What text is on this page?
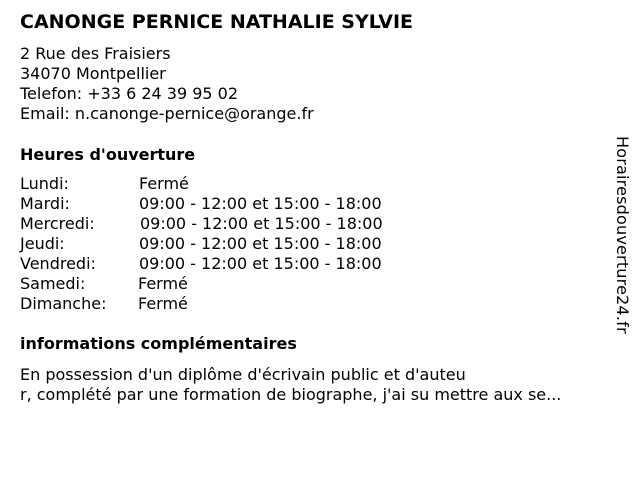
CANONGE PERNICE NATHALIE SYLVIE
2 Rue des Fraisiers
34070 Montpellier
Telefon: +33 6 24 39 95 02
Email: n.canonge-pernice@orange.fr
Heures d'ouverture
Lundi:	Fermé
Mardi:	09:00 - 12:00 et 15:00 - 18:00
Mercredi:	09:00 - 12:00 et 15:00 - 18:00
Jeudi:	09:00 - 12:00 et 15:00 - 18:00
Vendredi:	09:00 - 12:00 et 15:00 - 18:00
Samedi:	Fermé
Dimanche: Fermé
informations complémentaires
En possession d'un diplôme d'écrivain public et d'auteu
r, complété par une formation de biographe, j'ai su mettre aux se...
Horairesdouverture24.fr
